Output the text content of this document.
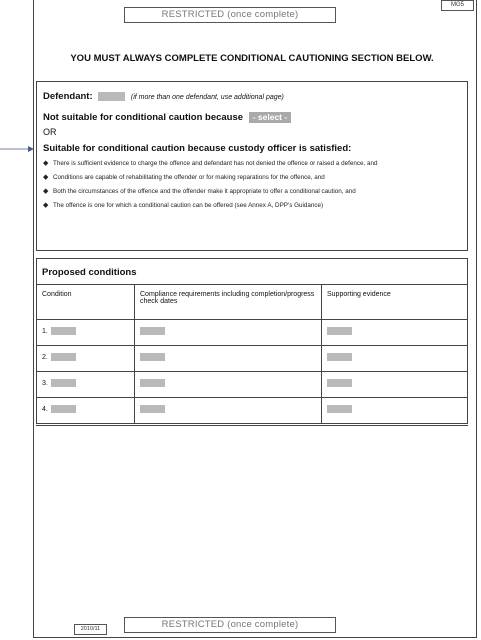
RESTRICTED (once complete)
MG5
YOU MUST ALWAYS COMPLETE CONDITIONAL CAUTIONING SECTION BELOW.
Defendant:	(if more than one defendant, use additional page)
Not suitable for conditional caution because - select -
OR
Suitable for conditional caution because custody officer is satisfied:
◆ There is sufficient evidence to charge the offence and defendant has not denied the offence or raised a defence, and
◆ Conditions are capable of rehabilitating the offender or for making reparations for the offence, and
◆ Both the circumstances of the offence and the offender make it appropriate to offer a conditional caution, and
◆ The offence is one for which a conditional caution can be offered (see Annex A, DPP's Guidance)
Proposed conditions
Condition	Compliance requirements including completion/progress check dates	Supporting evidence
1.		
2.		
3.		
4.		
2010/11	RESTRICTED (once complete)
